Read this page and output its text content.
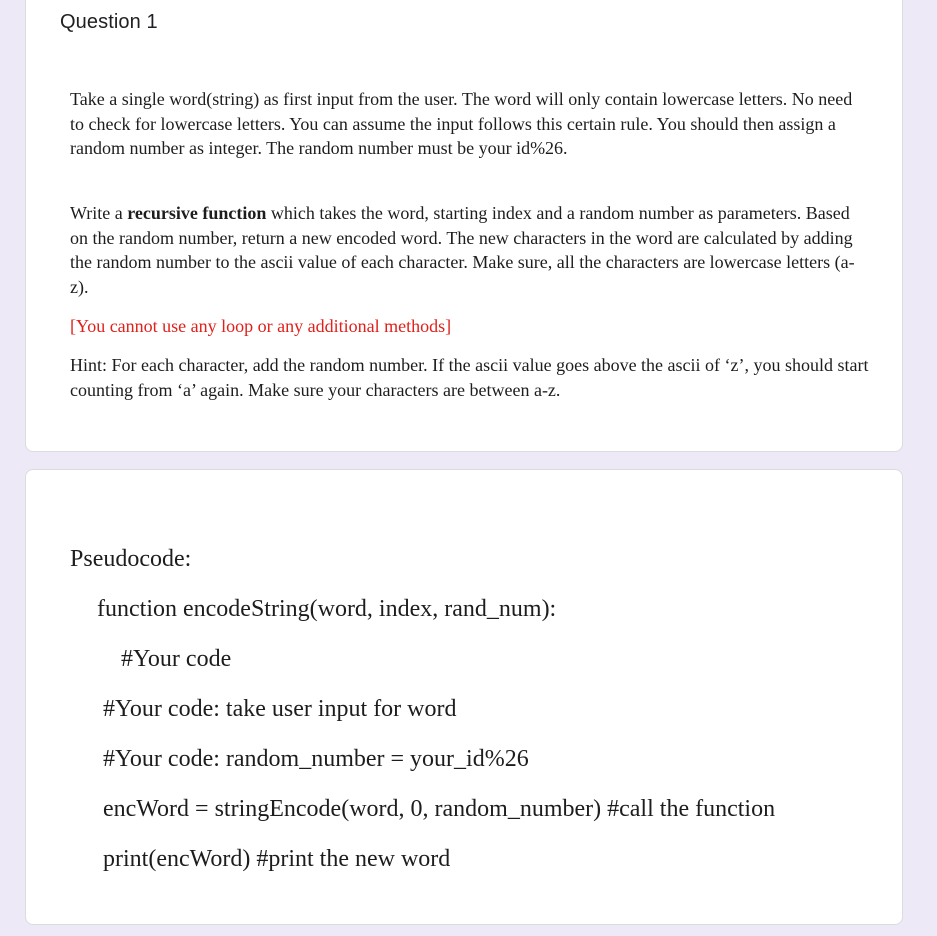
Question 1

Take a single word(string) as first input from the user. The word will only contain lowercase letters. No need to check for lowercase letters. You can assume the input follows this certain rule. You should then assign a random number as integer. The random number must be your id%26.

Write a recursive function which takes the word, starting index and a random number as parameters. Based on the random number, return a new encoded word. The new characters in the word are calculated by adding the random number to the ascii value of each character. Make sure, all the characters are lowercase letters (a-z).

[You cannot use any loop or any additional methods]

Hint: For each character, add the random number. If the ascii value goes above the ascii of ‘z’, you should start counting from ‘a’ again. Make sure your characters are between a-z.

Pseudocode:

function encodeString(word, index, rand_num):

#Your code

#Your code: take user input for word

#Your code: random_number = your_id%26

encWord = stringEncode(word, 0, random_number) #call the function

print(encWord) #print the new word
